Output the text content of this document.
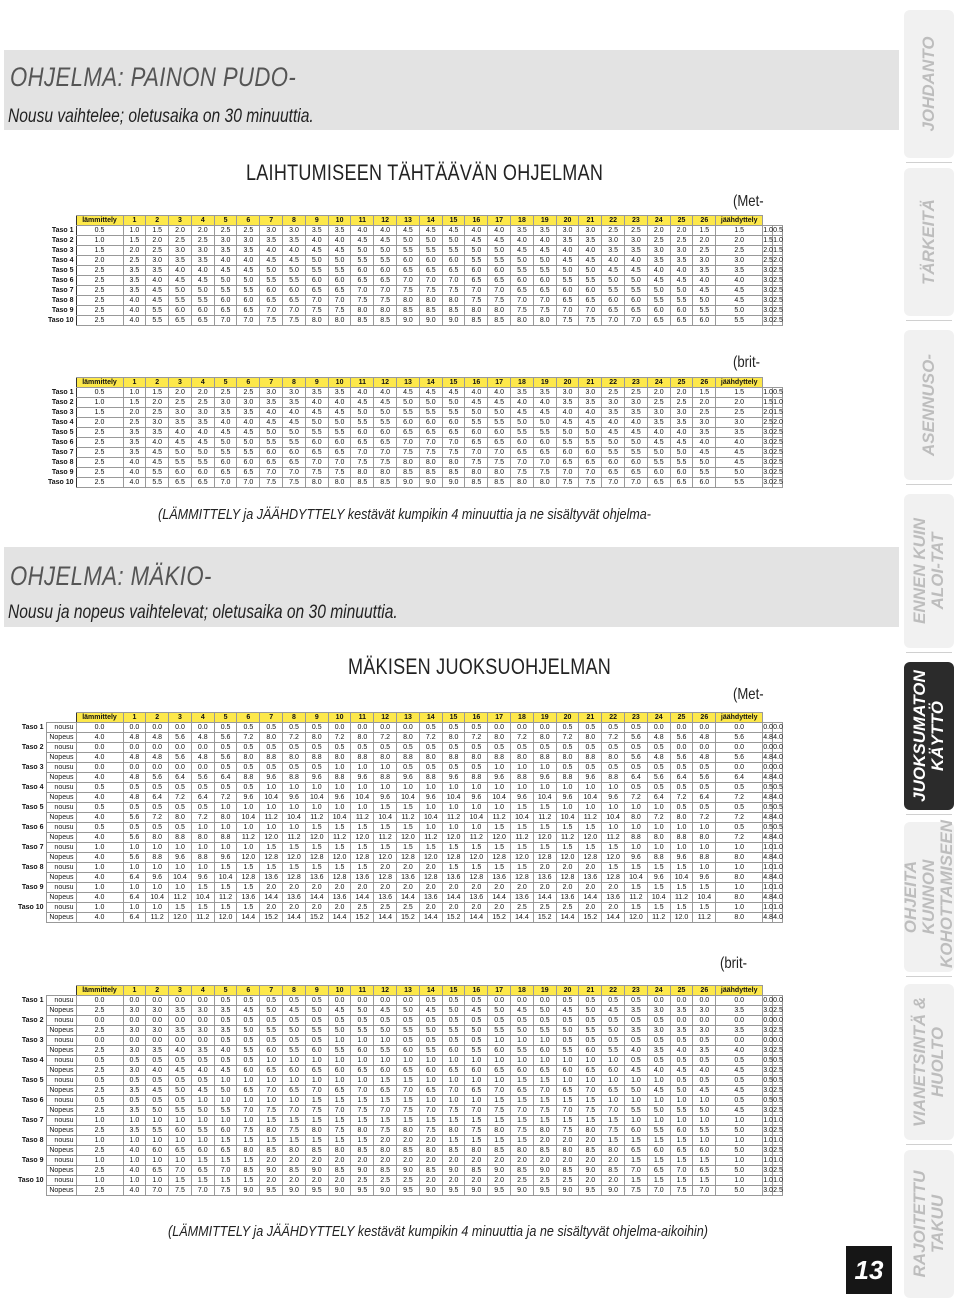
OHJELMA: PAINON PUDO-
Nousu vaihtelee; oletusaika on 30 minuuttia.
LAIHTUMISEEN TÄHTÄÄVÄN OHJELMAN
(Met-
	lämmittely	1	2	3	4	5	6	7	8	9	10	11	12	13	14	15	16	17	18	19	20	21	22	23	24	25	26	jäähdyttely		
Taso 1	0.5	1.0	1.5	2.0	2.0	2.5	2.5	3.0	3.0	3.5	3.5	4.0	4.0	4.5	4.5	4.5	4.0	4.0	3.5	3.5	3.0	3.0	2.5	2.5	2.0	2.0	1.5	1.5	1.0	0.5
Taso 2	1.0	1.5	2.0	2.5	2.5	3.0	3.0	3.5	3.5	4.0	4.0	4.5	4.5	5.0	5.0	5.0	4.5	4.5	4.0	4.0	3.5	3.5	3.0	3.0	2.5	2.5	2.0	2.0	1.5	1.0
Taso 3	1.5	2.0	2.5	3.0	3.0	3.5	3.5	4.0	4.0	4.5	4.5	5.0	5.0	5.5	5.5	5.5	5.0	5.0	4.5	4.5	4.0	4.0	3.5	3.5	3.0	3.0	2.5	2.5	2.0	1.5
Taso 4	2.0	2.5	3.0	3.5	3.5	4.0	4.0	4.5	4.5	5.0	5.0	5.5	5.5	6.0	6.0	6.0	5.5	5.5	5.0	5.0	4.5	4.5	4.0	4.0	3.5	3.5	3.0	3.0	2.5	2.0
Taso 5	2.5	3.5	3.5	4.0	4.0	4.5	4.5	5.0	5.0	5.5	5.5	6.0	6.0	6.5	6.5	6.5	6.0	6.0	5.5	5.5	5.0	5.0	4.5	4.5	4.0	4.0	3.5	3.5	3.0	2.5
Taso 6	2.5	3.5	4.0	4.5	4.5	5.0	5.0	5.5	5.5	6.0	6.0	6.5	6.5	7.0	7.0	7.0	6.5	6.5	6.0	6.0	5.5	5.5	5.0	5.0	4.5	4.5	4.0	4.0	3.0	2.5
Taso 7	2.5	3.5	4.5	5.0	5.0	5.5	5.5	6.0	6.0	6.5	6.5	7.0	7.0	7.5	7.5	7.5	7.0	7.0	6.5	6.5	6.0	6.0	5.5	5.5	5.0	5.0	4.5	4.5	3.0	2.5
Taso 8	2.5	4.0	4.5	5.5	5.5	6.0	6.0	6.5	6.5	7.0	7.0	7.5	7.5	8.0	8.0	8.0	7.5	7.5	7.0	7.0	6.5	6.5	6.0	6.0	5.5	5.5	5.0	4.5	3.0	2.5
Taso 9	2.5	4.0	5.5	6.0	6.0	6.5	6.5	7.0	7.0	7.5	7.5	8.0	8.0	8.5	8.5	8.5	8.0	8.0	7.5	7.5	7.0	7.0	6.5	6.5	6.0	6.0	5.5	5.0	3.0	2.5
Taso 10	2.5	4.0	5.5	6.5	6.5	7.0	7.0	7.5	7.5	8.0	8.0	8.5	8.5	9.0	9.0	9.0	8.5	8.5	8.0	8.0	7.5	7.5	7.0	7.0	6.5	6.5	6.0	5.5	3.0	2.5
(brit-
	lämmittely	1	2	3	4	5	6	7	8	9	10	11	12	13	14	15	16	17	18	19	20	21	22	23	24	25	26	jäähdyttely		
Taso 1	0.5	1.0	1.5	2.0	2.0	2.5	2.5	3.0	3.0	3.5	3.5	4.0	4.0	4.5	4.5	4.5	4.0	4.0	3.5	3.5	3.0	3.0	2.5	2.5	2.0	2.0	1.5	1.5	1.0	0.5
Taso 2	1.0	1.5	2.0	2.5	2.5	3.0	3.0	3.5	3.5	4.0	4.0	4.5	4.5	5.0	5.0	5.0	4.5	4.5	4.0	4.0	3.5	3.5	3.0	3.0	2.5	2.5	2.0	2.0	1.5	1.0
Taso 3	1.5	2.0	2.5	3.0	3.0	3.5	3.5	4.0	4.0	4.5	4.5	5.0	5.0	5.5	5.5	5.5	5.0	5.0	4.5	4.5	4.0	4.0	3.5	3.5	3.0	3.0	2.5	2.5	2.0	1.5
Taso 4	2.0	2.5	3.0	3.5	3.5	4.0	4.0	4.5	4.5	5.0	5.0	5.5	5.5	6.0	6.0	6.0	5.5	5.5	5.0	5.0	4.5	4.5	4.0	4.0	3.5	3.5	3.0	3.0	2.5	2.0
Taso 5	2.5	3.5	3.5	4.0	4.0	4.5	4.5	5.0	5.0	5.5	5.5	6.0	6.0	6.5	6.5	6.5	6.0	6.0	5.5	5.5	5.0	5.0	4.5	4.5	4.0	4.0	3.5	3.5	3.0	2.5
Taso 6	2.5	3.5	4.0	4.5	4.5	5.0	5.0	5.5	5.5	6.0	6.0	6.5	6.5	7.0	7.0	7.0	6.5	6.5	6.0	6.0	5.5	5.5	5.0	5.0	4.5	4.5	4.0	4.0	3.0	2.5
Taso 7	2.5	3.5	4.5	5.0	5.0	5.5	5.5	6.0	6.0	6.5	6.5	7.0	7.0	7.5	7.5	7.5	7.0	7.0	6.5	6.5	6.0	6.0	5.5	5.5	5.0	5.0	4.5	4.5	3.0	2.5
Taso 8	2.5	4.0	4.5	5.5	5.5	6.0	6.0	6.5	6.5	7.0	7.0	7.5	7.5	8.0	8.0	8.0	7.5	7.5	7.0	7.0	6.5	6.5	6.0	6.0	5.5	5.5	5.0	4.5	3.0	2.5
Taso 9	2.5	4.0	5.5	6.0	6.0	6.5	6.5	7.0	7.0	7.5	7.5	8.0	8.0	8.5	8.5	8.5	8.0	8.0	7.5	7.5	7.0	7.0	6.5	6.5	6.0	6.0	5.5	5.0	3.0	2.5
Taso 10	2.5	4.0	5.5	6.5	6.5	7.0	7.0	7.5	7.5	8.0	8.0	8.5	8.5	9.0	9.0	9.0	8.5	8.5	8.0	8.0	7.5	7.5	7.0	7.0	6.5	6.5	6.0	5.5	3.0	2.5
(LÄMMITTELY ja JÄÄHDYTTELY kestävät kumpikin 4 minuuttia ja ne sisältyvät ohjelma-
OHJELMA: MÄKIO-
Nousu ja nopeus vaihtelevat; oletusaika on 30 minuuttia.
MÄKISEN JUOKSUOHJELMAN
(Met-
		lämmittely	1	2	3	4	5	6	7	8	9	10	11	12	13	14	15	16	17	18	19	20	21	22	23	24	25	26	jäähdyttely		
Taso 1	nousu	0.0	0.0	0.0	0.0	0.0	0.5	0.5	0.5	0.5	0.5	0.0	0.0	0.0	0.0	0.5	0.5	0.5	0.0	0.0	0.0	0.5	0.5	0.5	0.5	0.0	0.0	0.0	0.0	0.0	0.0
	Nopeus	4.0	4.8	4.8	5.6	4.8	5.6	7.2	8.0	7.2	8.0	7.2	8.0	7.2	8.0	7.2	8.0	7.2	8.0	7.2	8.0	7.2	8.0	7.2	5.6	4.8	5.6	4.8	5.6	4.8	4.0
Taso 2	nousu	0.0	0.0	0.0	0.0	0.0	0.5	0.5	0.5	0.5	0.5	0.5	0.5	0.5	0.5	0.5	0.5	0.5	0.5	0.5	0.5	0.5	0.5	0.5	0.5	0.5	0.0	0.0	0.0	0.0	0.0
	Nopeus	4.0	4.8	4.8	5.6	4.8	5.6	8.0	8.8	8.0	8.8	8.0	8.8	8.0	8.8	8.0	8.8	8.0	8.8	8.0	8.8	8.0	8.8	8.0	5.6	4.8	5.6	4.8	5.6	4.8	4.0
Taso 3	nousu	0.0	0.0	0.0	0.0	0.0	0.5	0.5	0.5	0.5	0.5	1.0	1.0	1.0	0.5	0.5	0.5	0.5	1.0	1.0	1.0	0.5	0.5	0.5	0.5	0.5	0.5	0.5	0.0	0.0	0.0
	Nopeus	4.0	4.8	5.6	6.4	5.6	6.4	8.8	9.6	8.8	9.6	8.8	9.6	8.8	9.6	8.8	9.6	8.8	9.6	8.8	9.6	8.8	9.6	8.8	6.4	5.6	6.4	5.6	6.4	4.8	4.0
Taso 4	nousu	0.5	0.5	0.5	0.5	0.5	0.5	0.5	1.0	1.0	1.0	1.0	1.0	1.0	1.0	1.0	1.0	1.0	1.0	1.0	1.0	1.0	1.0	1.0	0.5	0.5	0.5	0.5	0.5	0.5	0.5
	Nopeus	4.0	4.8	6.4	7.2	6.4	7.2	9.6	10.4	9.6	10.4	9.6	10.4	9.6	10.4	9.6	10.4	9.6	10.4	9.6	10.4	9.6	10.4	9.6	7.2	6.4	7.2	6.4	7.2	4.8	4.0
Taso 5	nousu	0.5	0.5	0.5	0.5	0.5	1.0	1.0	1.0	1.0	1.0	1.0	1.0	1.5	1.5	1.0	1.0	1.0	1.0	1.5	1.5	1.0	1.0	1.0	1.0	1.0	0.5	0.5	0.5	0.5	0.5
	Nopeus	4.0	5.6	7.2	8.0	7.2	8.0	10.4	11.2	10.4	11.2	10.4	11.2	10.4	11.2	10.4	11.2	10.4	11.2	10.4	11.2	10.4	11.2	10.4	8.0	7.2	8.0	7.2	7.2	4.8	4.0
Taso 6	nousu	0.5	0.5	0.5	0.5	1.0	1.0	1.0	1.0	1.0	1.5	1.5	1.5	1.5	1.5	1.0	1.0	1.0	1.5	1.5	1.5	1.5	1.5	1.0	1.0	1.0	1.0	1.0	0.5	0.5	0.5
	Nopeus	4.0	5.6	8.0	8.8	8.0	8.8	11.2	12.0	11.2	12.0	11.2	12.0	11.2	12.0	11.2	12.0	11.2	12.0	11.2	12.0	11.2	12.0	11.2	8.8	8.0	8.8	8.0	7.2	4.8	4.0
Taso 7	nousu	1.0	1.0	1.0	1.0	1.0	1.0	1.0	1.5	1.5	1.5	1.5	1.5	1.5	1.5	1.5	1.5	1.5	1.5	1.5	1.5	1.5	1.5	1.5	1.0	1.0	1.0	1.0	1.0	1.0	1.0
	Nopeus	4.0	5.6	8.8	9.6	8.8	9.6	12.0	12.8	12.0	12.8	12.0	12.8	12.0	12.8	12.0	12.8	12.0	12.8	12.0	12.8	12.0	12.8	12.0	9.6	8.8	9.6	8.8	8.0	4.8	4.0
Taso 8	nousu	1.0	1.0	1.0	1.0	1.0	1.5	1.5	1.5	1.5	1.5	1.5	1.5	2.0	2.0	2.0	1.5	1.5	1.5	1.5	2.0	2.0	2.0	1.5	1.5	1.5	1.5	1.0	1.0	1.0	1.0
	Nopeus	4.0	6.4	9.6	10.4	9.6	10.4	12.8	13.6	12.8	13.6	12.8	13.6	12.8	13.6	12.8	13.6	12.8	13.6	12.8	13.6	12.8	13.6	12.8	10.4	9.6	10.4	9.6	8.0	4.8	4.0
Taso 9	nousu	1.0	1.0	1.0	1.0	1.5	1.5	1.5	2.0	2.0	2.0	2.0	2.0	2.0	2.0	2.0	2.0	2.0	2.0	2.0	2.0	2.0	2.0	2.0	1.5	1.5	1.5	1.5	1.0	1.0	1.0
	Nopeus	4.0	6.4	10.4	11.2	10.4	11.2	13.6	14.4	13.6	14.4	13.6	14.4	13.6	14.4	13.6	14.4	13.6	14.4	13.6	14.4	13.6	14.4	13.6	11.2	10.4	11.2	10.4	8.0	4.8	4.0
Taso 10	nousu	1.0	1.0	1.0	1.5	1.5	1.5	1.5	2.0	2.0	2.0	2.0	2.5	2.5	2.5	2.0	2.0	2.0	2.0	2.5	2.5	2.5	2.0	2.0	1.5	1.5	1.5	1.5	1.0	1.0	1.0
	Nopeus	4.0	6.4	11.2	12.0	11.2	12.0	14.4	15.2	14.4	15.2	14.4	15.2	14.4	15.2	14.4	15.2	14.4	15.2	14.4	15.2	14.4	15.2	14.4	12.0	11.2	12.0	11.2	8.0	4.8	4.0
(brit-
		lämmittely	1	2	3	4	5	6	7	8	9	10	11	12	13	14	15	16	17	18	19	20	21	22	23	24	25	26	jäähdyttely		
Taso 1	nousu	0.0	0.0	0.0	0.0	0.0	0.5	0.5	0.5	0.5	0.5	0.0	0.0	0.0	0.0	0.5	0.5	0.5	0.0	0.0	0.0	0.5	0.5	0.5	0.5	0.0	0.0	0.0	0.0	0.0	0.0
	Nopeus	2.5	3.0	3.0	3.5	3.0	3.5	4.5	5.0	4.5	5.0	4.5	5.0	4.5	5.0	4.5	5.0	4.5	5.0	4.5	5.0	4.5	5.0	4.5	3.5	3.0	3.5	3.0	3.5	3.0	2.5
Taso 2	nousu	0.0	0.0	0.0	0.0	0.0	0.5	0.5	0.5	0.5	0.5	0.5	0.5	0.5	0.5	0.5	0.5	0.5	0.5	0.5	0.5	0.5	0.5	0.5	0.5	0.5	0.0	0.0	0.0	0.0	0.0
	Nopeus	2.5	3.0	3.0	3.5	3.0	3.5	5.0	5.5	5.0	5.5	5.0	5.5	5.0	5.5	5.0	5.5	5.0	5.5	5.0	5.5	5.0	5.5	5.0	3.5	3.0	3.5	3.0	3.5	3.0	2.5
Taso 3	nousu	0.0	0.0	0.0	0.0	0.0	0.5	0.5	0.5	0.5	0.5	1.0	1.0	1.0	0.5	0.5	0.5	0.5	1.0	1.0	1.0	0.5	0.5	0.5	0.5	0.5	0.5	0.5	0.0	0.0	0.0
	Nopeus	2.5	3.0	3.5	4.0	3.5	4.0	5.5	6.0	5.5	6.0	5.5	6.0	5.5	6.0	5.5	6.0	5.5	6.0	5.5	6.0	5.5	6.0	5.5	4.0	3.5	4.0	3.5	4.0	3.0	2.5
Taso 4	nousu	0.5	0.5	0.5	0.5	0.5	0.5	0.5	1.0	1.0	1.0	1.0	1.0	1.0	1.0	1.0	1.0	1.0	1.0	1.0	1.0	1.0	1.0	1.0	0.5	0.5	0.5	0.5	0.5	0.5	0.5
	Nopeus	2.5	3.0	4.0	4.5	4.0	4.5	6.0	6.5	6.0	6.5	6.0	6.5	6.0	6.5	6.0	6.5	6.0	6.5	6.0	6.5	6.0	6.5	6.0	4.5	4.0	4.5	4.0	4.5	3.0	2.5
Taso 5	nousu	0.5	0.5	0.5	0.5	0.5	1.0	1.0	1.0	1.0	1.0	1.0	1.0	1.5	1.5	1.0	1.0	1.0	1.0	1.5	1.5	1.0	1.0	1.0	1.0	1.0	0.5	0.5	0.5	0.5	0.5
	Nopeus	2.5	3.5	4.5	5.0	4.5	5.0	6.5	7.0	6.5	7.0	6.5	7.0	6.5	7.0	6.5	7.0	6.5	7.0	6.5	7.0	6.5	7.0	6.5	5.0	4.5	5.0	4.5	4.5	3.0	2.5
Taso 6	nousu	0.5	0.5	0.5	0.5	1.0	1.0	1.0	1.0	1.0	1.5	1.5	1.5	1.5	1.5	1.0	1.0	1.0	1.5	1.5	1.5	1.5	1.5	1.0	1.0	1.0	1.0	1.0	0.5	0.5	0.5
	Nopeus	2.5	3.5	5.0	5.5	5.0	5.5	7.0	7.5	7.0	7.5	7.0	7.5	7.0	7.5	7.0	7.5	7.0	7.5	7.0	7.5	7.0	7.5	7.0	5.5	5.0	5.5	5.0	4.5	3.0	2.5
Taso 7	nousu	1.0	1.0	1.0	1.0	1.0	1.0	1.0	1.5	1.5	1.5	1.5	1.5	1.5	1.5	1.5	1.5	1.5	1.5	1.5	1.5	1.5	1.5	1.5	1.0	1.0	1.0	1.0	1.0	1.0	1.0
	Nopeus	2.5	3.5	5.5	6.0	5.5	6.0	7.5	8.0	7.5	8.0	7.5	8.0	7.5	8.0	7.5	8.0	7.5	8.0	7.5	8.0	7.5	8.0	7.5	6.0	5.5	6.0	5.5	5.0	3.0	2.5
Taso 8	nousu	1.0	1.0	1.0	1.0	1.0	1.5	1.5	1.5	1.5	1.5	1.5	1.5	2.0	2.0	2.0	1.5	1.5	1.5	1.5	2.0	2.0	2.0	1.5	1.5	1.5	1.5	1.0	1.0	1.0	1.0
	Nopeus	2.5	4.0	6.0	6.5	6.0	6.5	8.0	8.5	8.0	8.5	8.0	8.5	8.0	8.5	8.0	8.5	8.0	8.5	8.0	8.5	8.0	8.5	8.0	6.5	6.0	6.5	6.0	5.0	3.0	2.5
Taso 9	nousu	1.0	1.0	1.0	1.0	1.5	1.5	1.5	2.0	2.0	2.0	2.0	2.0	2.0	2.0	2.0	2.0	2.0	2.0	2.0	2.0	2.0	2.0	2.0	1.5	1.5	1.5	1.5	1.0	1.0	1.0
	Nopeus	2.5	4.0	6.5	7.0	6.5	7.0	8.5	9.0	8.5	9.0	8.5	9.0	8.5	9.0	8.5	9.0	8.5	9.0	8.5	9.0	8.5	9.0	8.5	7.0	6.5	7.0	6.5	5.0	3.0	2.5
Taso 10	nousu	1.0	1.0	1.0	1.5	1.5	1.5	1.5	2.0	2.0	2.0	2.0	2.5	2.5	2.5	2.0	2.0	2.0	2.0	2.5	2.5	2.5	2.0	2.0	1.5	1.5	1.5	1.5	1.0	1.0	1.0
	Nopeus	2.5	4.0	7.0	7.5	7.0	7.5	9.0	9.5	9.0	9.5	9.0	9.5	9.0	9.5	9.0	9.5	9.0	9.5	9.0	9.5	9.0	9.5	9.0	7.5	7.0	7.5	7.0	5.0	3.0	2.5
(LÄMMITTELY ja JÄÄHDYTTELY kestävät kumpikin 4 minuuttia ja ne sisältyvät ohjelma-aikoihin)
JOHDANTO
TÄRKEITÄ
ASENNUSO-
ENNEN KUIN ALOI-TAT
JUOKSUMATON KÄYTTÖ
OHJEITA KUNNON KOHOTTAMISEEN
VIANETSINTÄ & HUOLTO
RAJOITETTU TAKUU
13
